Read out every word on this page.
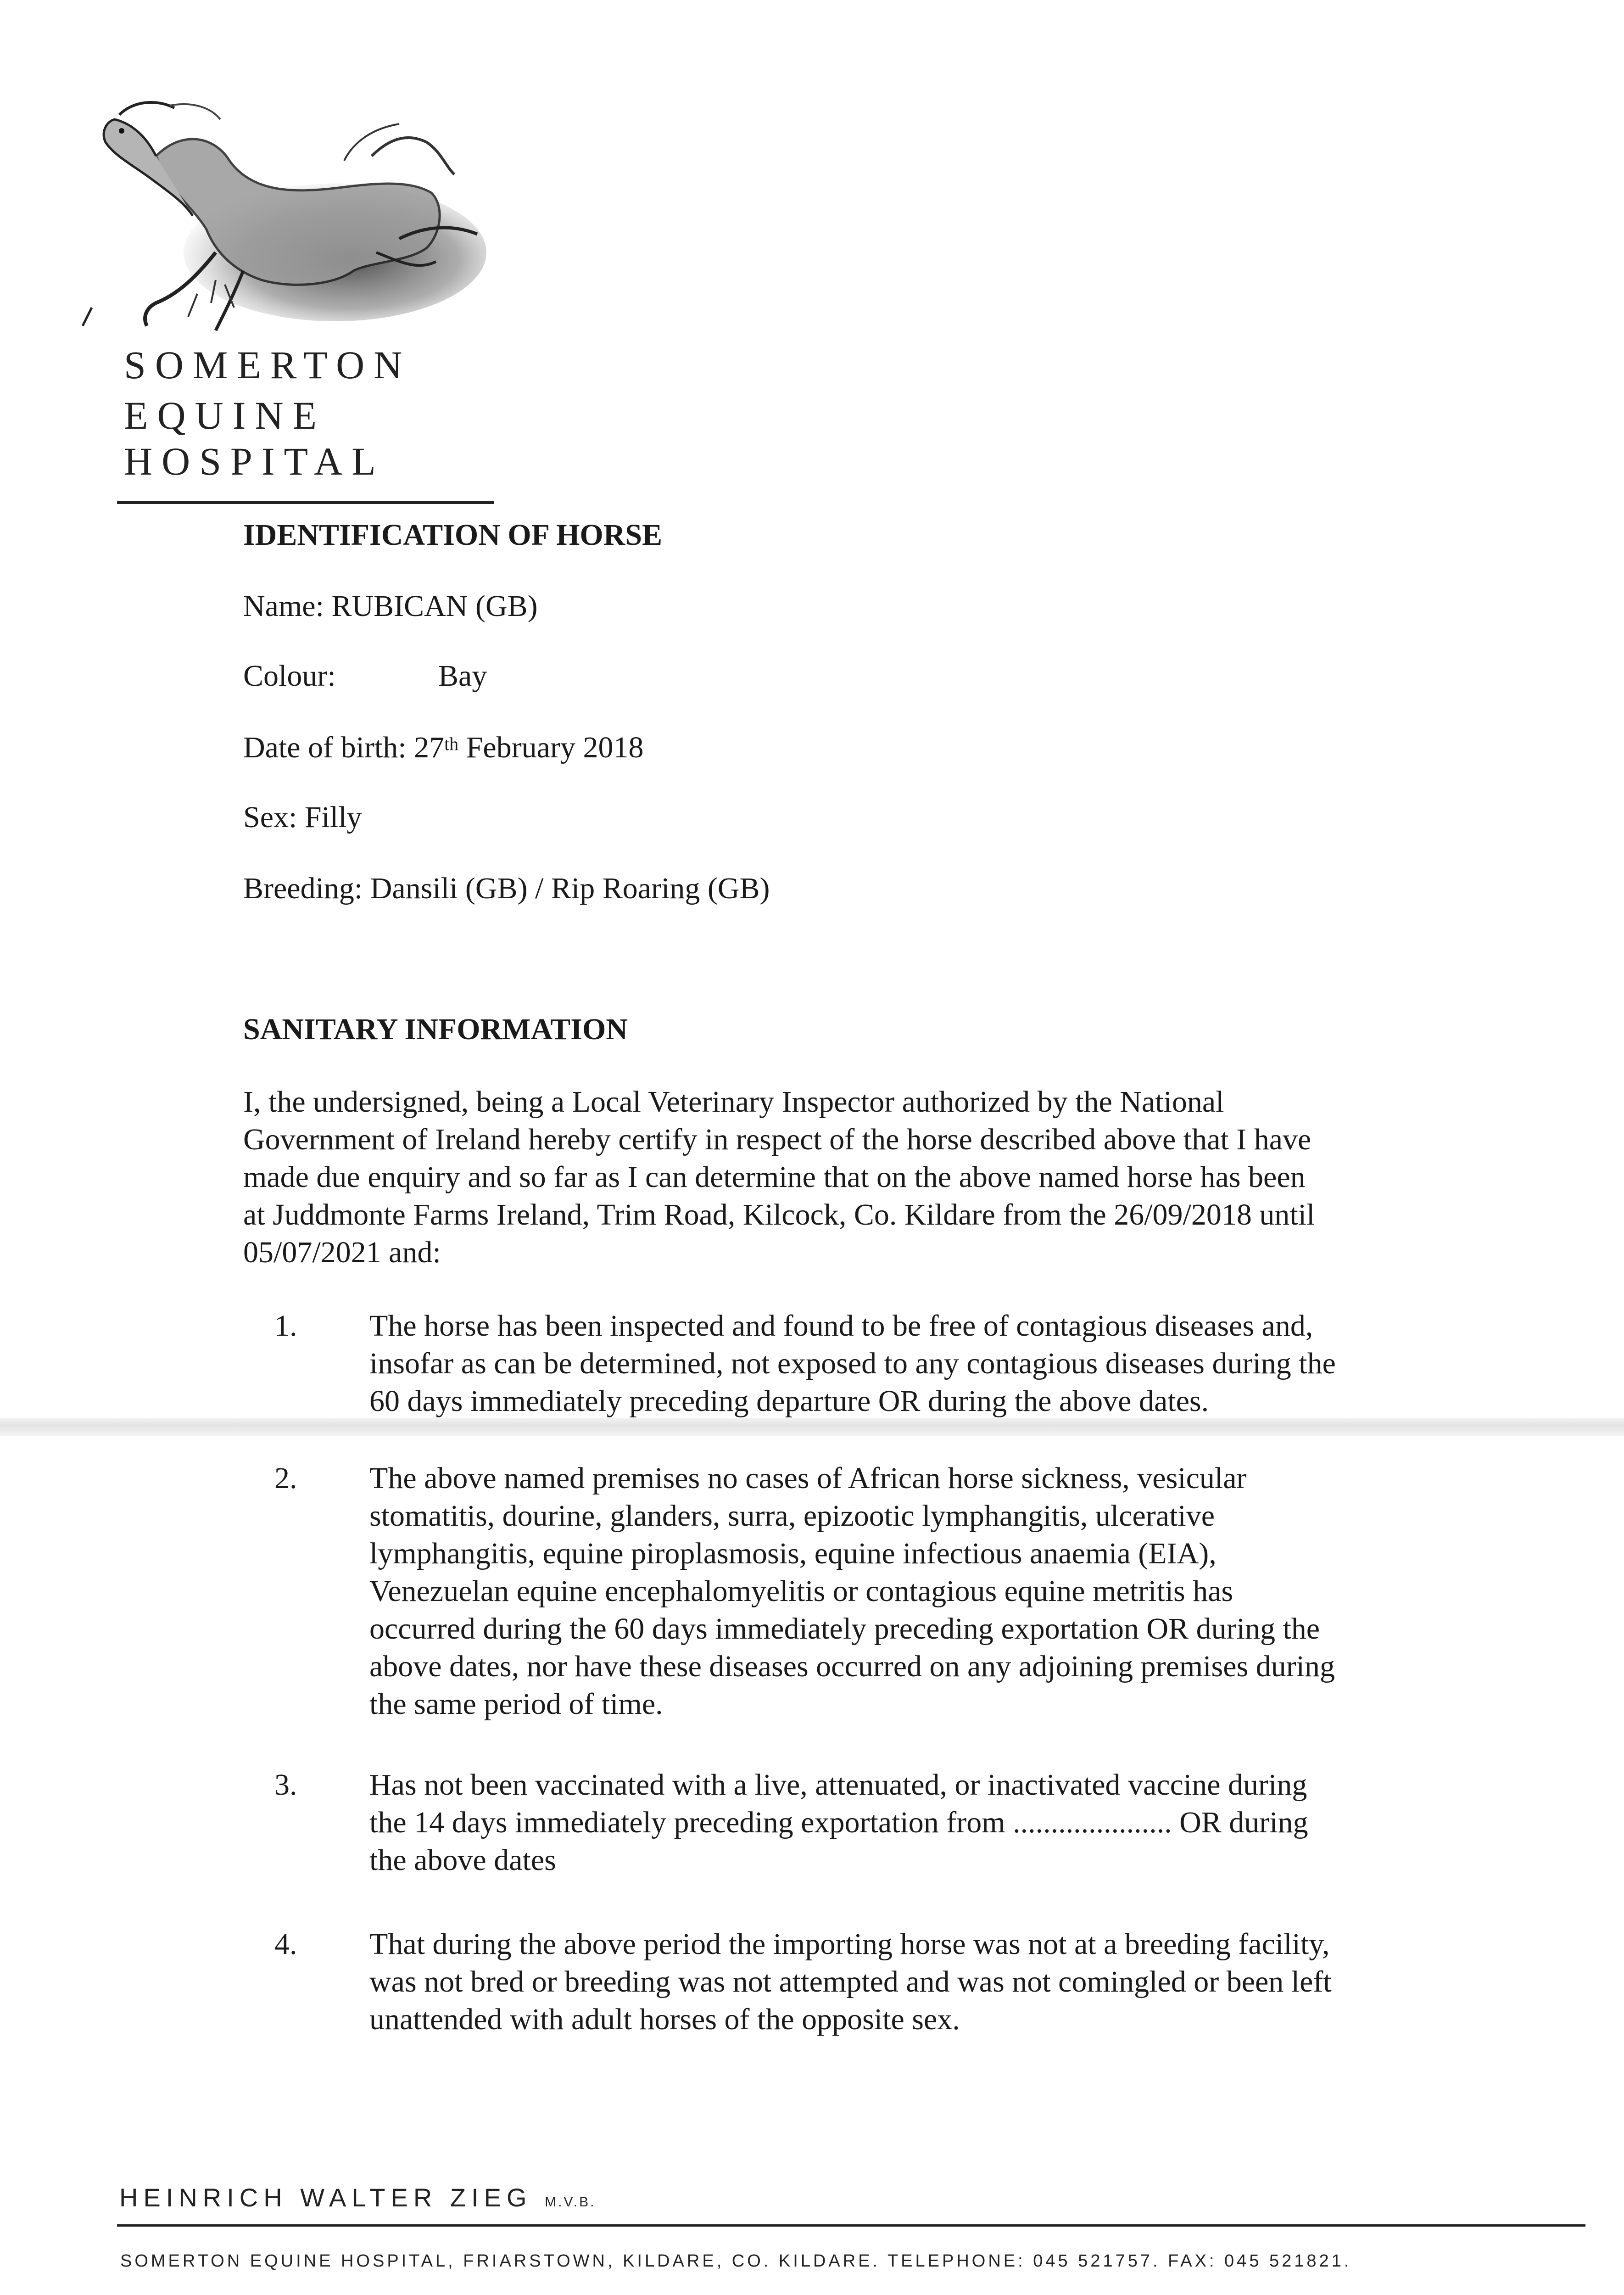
SOMERTON
EQUINE
HOSPITAL
IDENTIFICATION OF HORSE
Name: RUBICAN (GB)
Colour:	Bay
Date of birth: 27th February 2018
Sex: Filly
Breeding: Dansili (GB) / Rip Roaring (GB)
SANITARY INFORMATION
I, the undersigned, being a Local Veterinary Inspector authorized by the National
Government of Ireland hereby certify in respect of the horse described above that I have
made due enquiry and so far as I can determine that on the above named horse has been
at Juddmonte Farms Ireland, Trim Road, Kilcock, Co. Kildare from the 26/09/2018 until
05/07/2021 and:
1. The horse has been inspected and found to be free of contagious diseases and,
insofar as can be determined, not exposed to any contagious diseases during the
60 days immediately preceding departure OR during the above dates.
2. The above named premises no cases of African horse sickness, vesicular
stomatitis, dourine, glanders, surra, epizootic lymphangitis, ulcerative
lymphangitis, equine piroplasmosis, equine infectious anaemia (EIA),
Venezuelan equine encephalomyelitis or contagious equine metritis has
occurred during the 60 days immediately preceding exportation OR during the
above dates, nor have these diseases occurred on any adjoining premises during
the same period of time.
3. Has not been vaccinated with a live, attenuated, or inactivated vaccine during
the 14 days immediately preceding exportation from ..................... OR during
the above dates
4. That during the above period the importing horse was not at a breeding facility,
was not bred or breeding was not attempted and was not comingled or been left
unattended with adult horses of the opposite sex.
HEINRICH WALTER ZIEG M.V.B.
SOMERTON EQUINE HOSPITAL, FRIARSTOWN, KILDARE, CO. KILDARE. TELEPHONE: 045 521757. FAX: 045 521821.
